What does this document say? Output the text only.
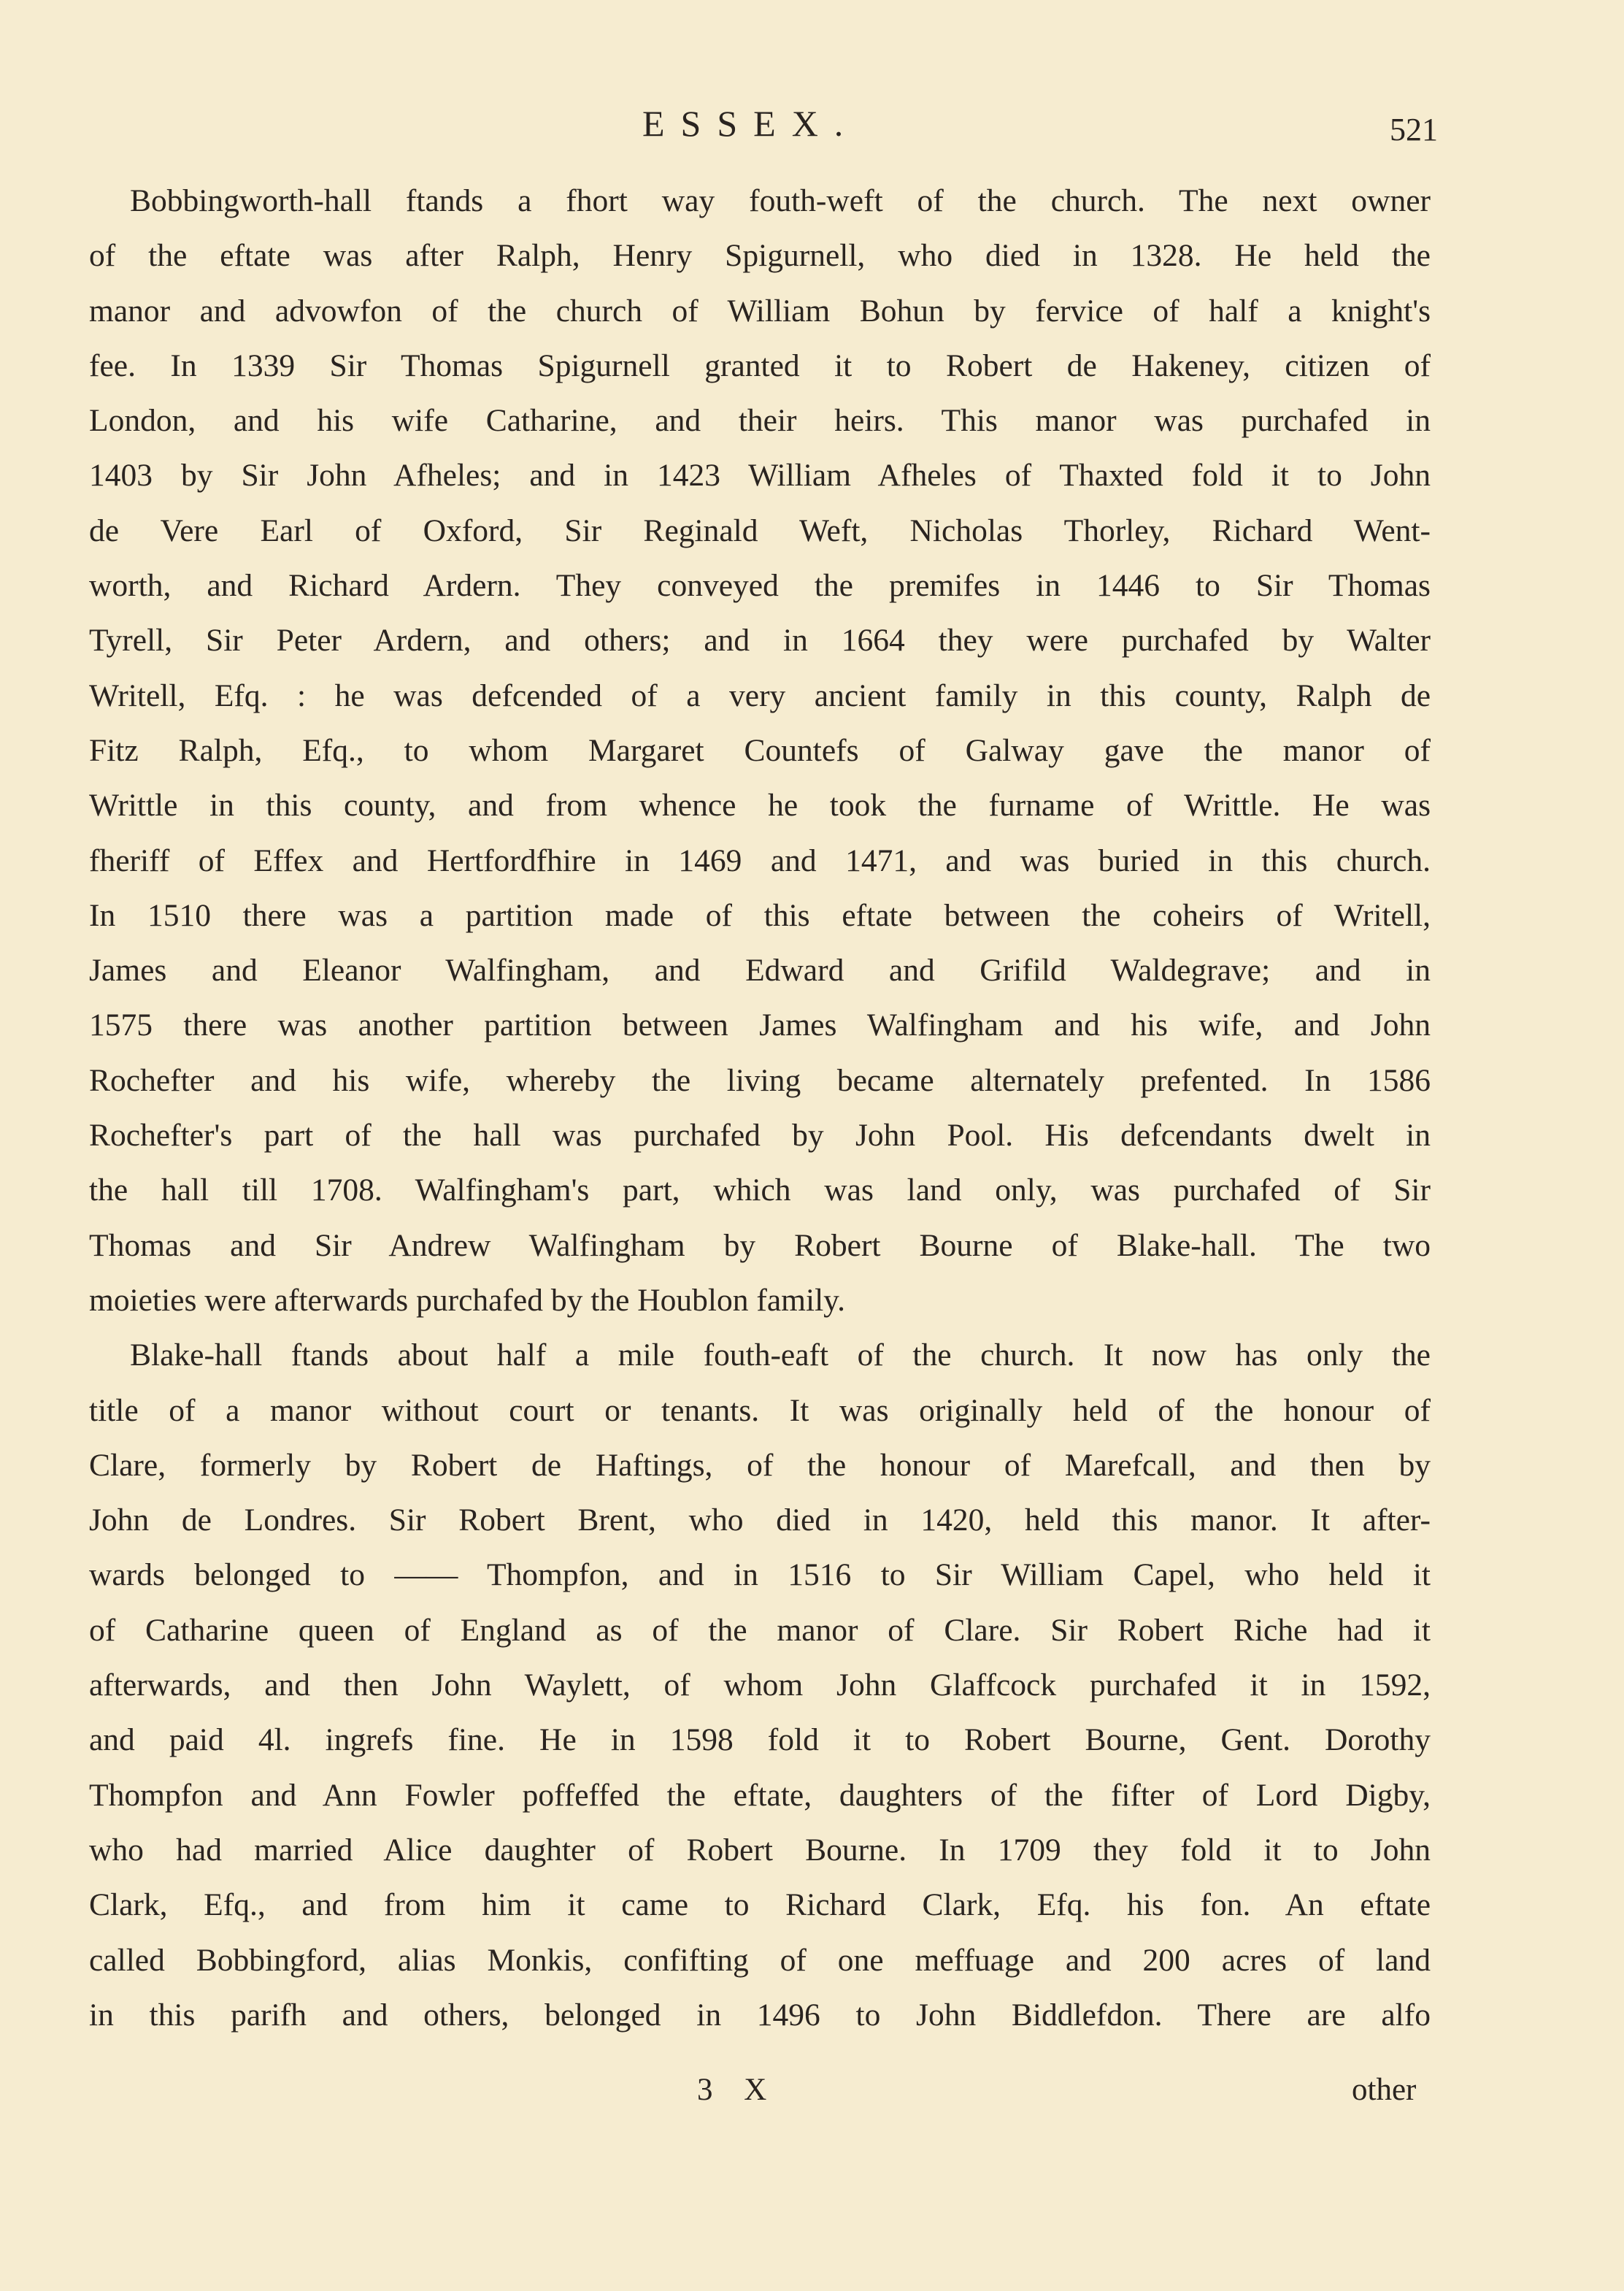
ESSEX.	521
Bobbingworth-hall ftands a fhort way fouth-weft of the church. The next owner
of the eftate was after Ralph, Henry Spigurnell, who died in 1328. He held the
manor and advowfon of the church of William Bohun by fervice of half a knight's
fee. In 1339 Sir Thomas Spigurnell granted it to Robert de Hakeney, citizen of
London, and his wife Catharine, and their heirs. This manor was purchafed in
1403 by Sir John Afheles; and in 1423 William Afheles of Thaxted fold it to John
de Vere Earl of Oxford, Sir Reginald Weft, Nicholas Thorley, Richard Went-
worth, and Richard Ardern. They conveyed the premifes in 1446 to Sir Thomas
Tyrell, Sir Peter Ardern, and others; and in 1664 they were purchafed by Walter
Writell, Efq. : he was defcended of a very ancient family in this county, Ralph de
Fitz Ralph, Efq., to whom Margaret Countefs of Galway gave the manor of
Writtle in this county, and from whence he took the furname of Writtle. He was
fheriff of Effex and Hertfordfhire in 1469 and 1471, and was buried in this church.
In 1510 there was a partition made of this eftate between the coheirs of Writell,
James and Eleanor Walfingham, and Edward and Grifild Waldegrave; and in
1575 there was another partition between James Walfingham and his wife, and John
Rochefter and his wife, whereby the living became alternately prefented. In 1586
Rochefter's part of the hall was purchafed by John Pool. His defcendants dwelt in
the hall till 1708. Walfingham's part, which was land only, was purchafed of Sir
Thomas and Sir Andrew Walfingham by Robert Bourne of Blake-hall. The two
moieties were afterwards purchafed by the Houblon family.
Blake-hall ftands about half a mile fouth-eaft of the church. It now has only the
title of a manor without court or tenants. It was originally held of the honour of
Clare, formerly by Robert de Haftings, of the honour of Marefcall, and then by
John de Londres. Sir Robert Brent, who died in 1420, held this manor. It after-
wards belonged to —— Thompfon, and in 1516 to Sir William Capel, who held it
of Catharine queen of England as of the manor of Clare. Sir Robert Riche had it
afterwards, and then John Waylett, of whom John Glaffcock purchafed it in 1592,
and paid 4l. ingrefs fine. He in 1598 fold it to Robert Bourne, Gent. Dorothy
Thompfon and Ann Fowler poffeffed the eftate, daughters of the fifter of Lord Digby,
who had married Alice daughter of Robert Bourne. In 1709 they fold it to John
Clark, Efq., and from him it came to Richard Clark, Efq. his fon. An eftate
called Bobbingford, alias Monkis, confifting of one meffuage and 200 acres of land
in this parifh and others, belonged in 1496 to John Biddlefdon. There are alfo
3 X	other
